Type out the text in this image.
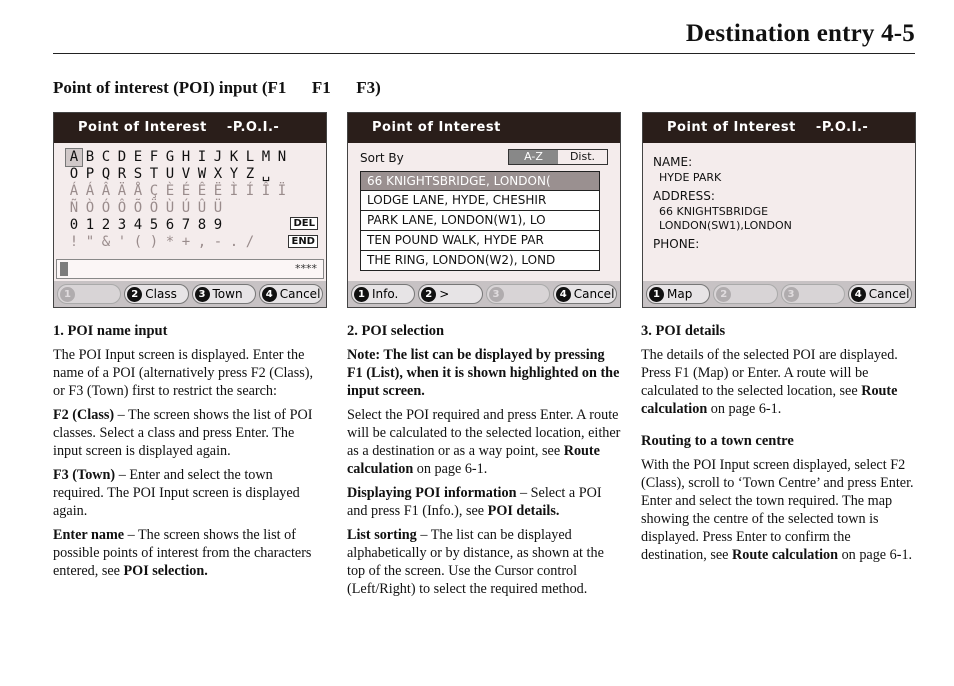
Destination entry 4-5
Point of interest (POI) input (F1      F1      F3)
Point of Interest    -P.O.I.-
A B C D E F G H I J K L M N
O P Q R S T U V W X Y Z ␣
Á Á Â Ä Å Ç È É Ê Ë Ì Í Î Ï
Ñ Ò Ó Ô Õ Ö Ù Ú Û Ü
0 1 2 3 4 5 6 7 8 9
! " & ' ( ) * + , - . /
DEL
END
****
1	2 Class	3 Town	4 Cancel
Point of Interest
Sort By	A-Z	Dist.
66 KNIGHTSBRIDGE, LONDON(
LODGE LANE, HYDE, CHESHIR
PARK LANE, LONDON(W1), LO
TEN POUND WALK, HYDE PAR
THE RING, LONDON(W2), LOND
1 Info.	2 >	3	4 Cancel
Point of Interest    -P.O.I.-
NAME:
HYDE PARK
ADDRESS:
66 KNIGHTSBRIDGE
LONDON(SW1),LONDON
PHONE:
1 Map	2	3	4 Cancel
1. POI name input

The POI Input screen is displayed. Enter the name of a POI (alternatively press F2 (Class), or F3 (Town) first to restrict the search:

F2 (Class) – The screen shows the list of POI classes. Select a class and press Enter. The input screen is displayed again.

F3 (Town) – Enter and select the town required. The POI Input screen is displayed again.

Enter name – The screen shows the list of possible points of interest from the characters entered, see POI selection.

2. POI selection

Note: The list can be displayed by pressing F1 (List), when it is shown highlighted on the input screen.

Select the POI required and press Enter. A route will be calculated to the selected location, either as a destination or as a way point, see Route calculation on page 6-1.

Displaying POI information – Select a POI and press F1 (Info.), see POI details.

List sorting – The list can be displayed alphabetically or by distance, as shown at the top of the screen. Use the Cursor control (Left/Right) to select the required method.

3. POI details

The details of the selected POI are displayed. Press F1 (Map) or Enter. A route will be calculated to the selected location, see Route calculation on page 6-1.

Routing to a town centre

With the POI Input screen displayed, select F2 (Class), scroll to ‘Town Centre’ and press Enter. Enter and select the town required. The map showing the centre of the selected town is displayed. Press Enter to confirm the destination, see Route calculation on page 6-1.
